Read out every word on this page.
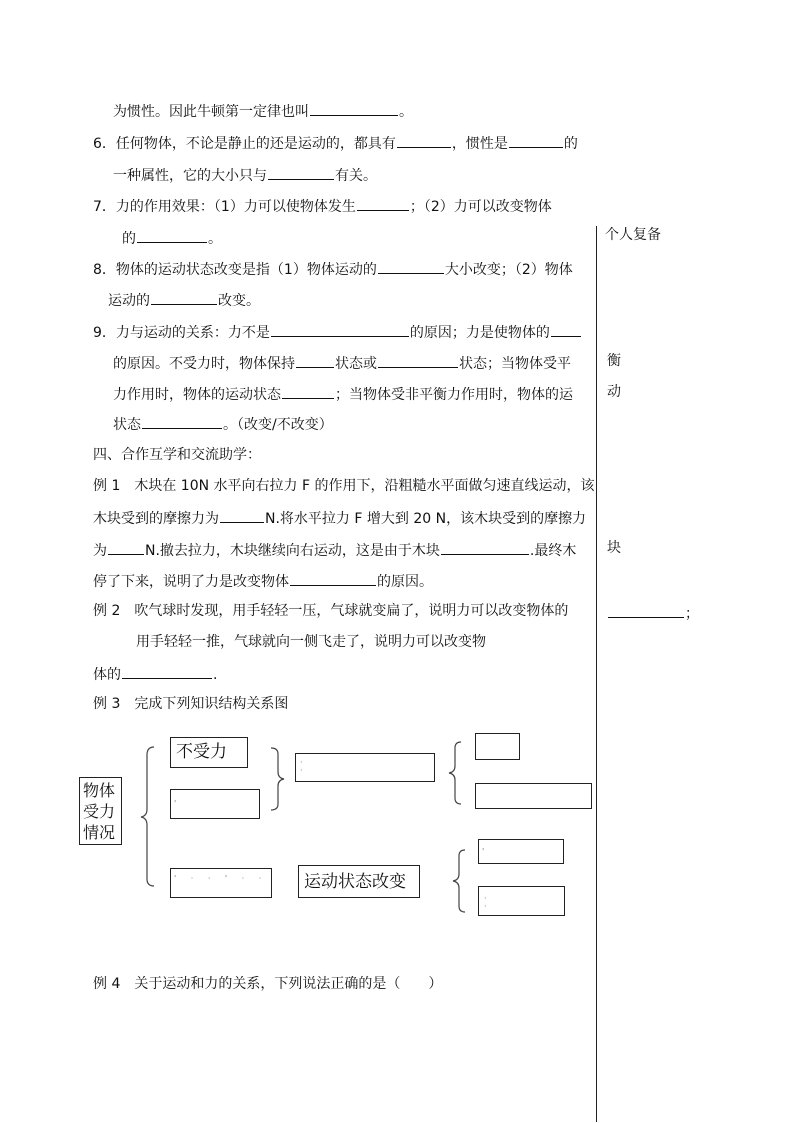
为惯性。因此牛顿第一定律也叫	。
6．任何物体，不论是静止的还是运动的，都具有	，惯性是	的
一种属性，它的大小只与	有关。
7．力的作用效果：（1）力可以使物体发生	；（2）力可以改变物体
的	。
8．物体的运动状态改变是指（1）物体运动的	大小改变；（2）物体
运动的	改变。
9．力与运动的关系：力不是	的原因；力是使物体的
的原因。不受力时，物体保持	状态或	状态；当物体受平
力作用时，物体的运动状态	；当物体受非平衡力作用时，物体的运
状态	。（改变/不改变）
四、合作互学和交流助学：
例 1　木块在 10N 水平向右拉力 F 的作用下，沿粗糙水平面做匀速直线运动，该
木块受到的摩擦力为	N.将水平拉力 F 增大到 20 N，该木块受到的摩擦力
为	N.撤去拉力，木块继续向右运动，这是由于木块	.最终木
停了下来，说明了力是改变物体	的原因。
例 2　吹气球时发现，用手轻轻一压，气球就变扁了，说明力可以改变物体的
用手轻轻一推，气球就向一侧飞走了，说明力可以改变物
体的	.
例 3　完成下列知识结构关系图
例 4　关于运动和力的关系，下列说法正确的是（　　）
个人复备
衡
动
块
；
物体
受力
情况
不受力
'
·
·
' · · ' · · 运动状态改变
'
·
·
